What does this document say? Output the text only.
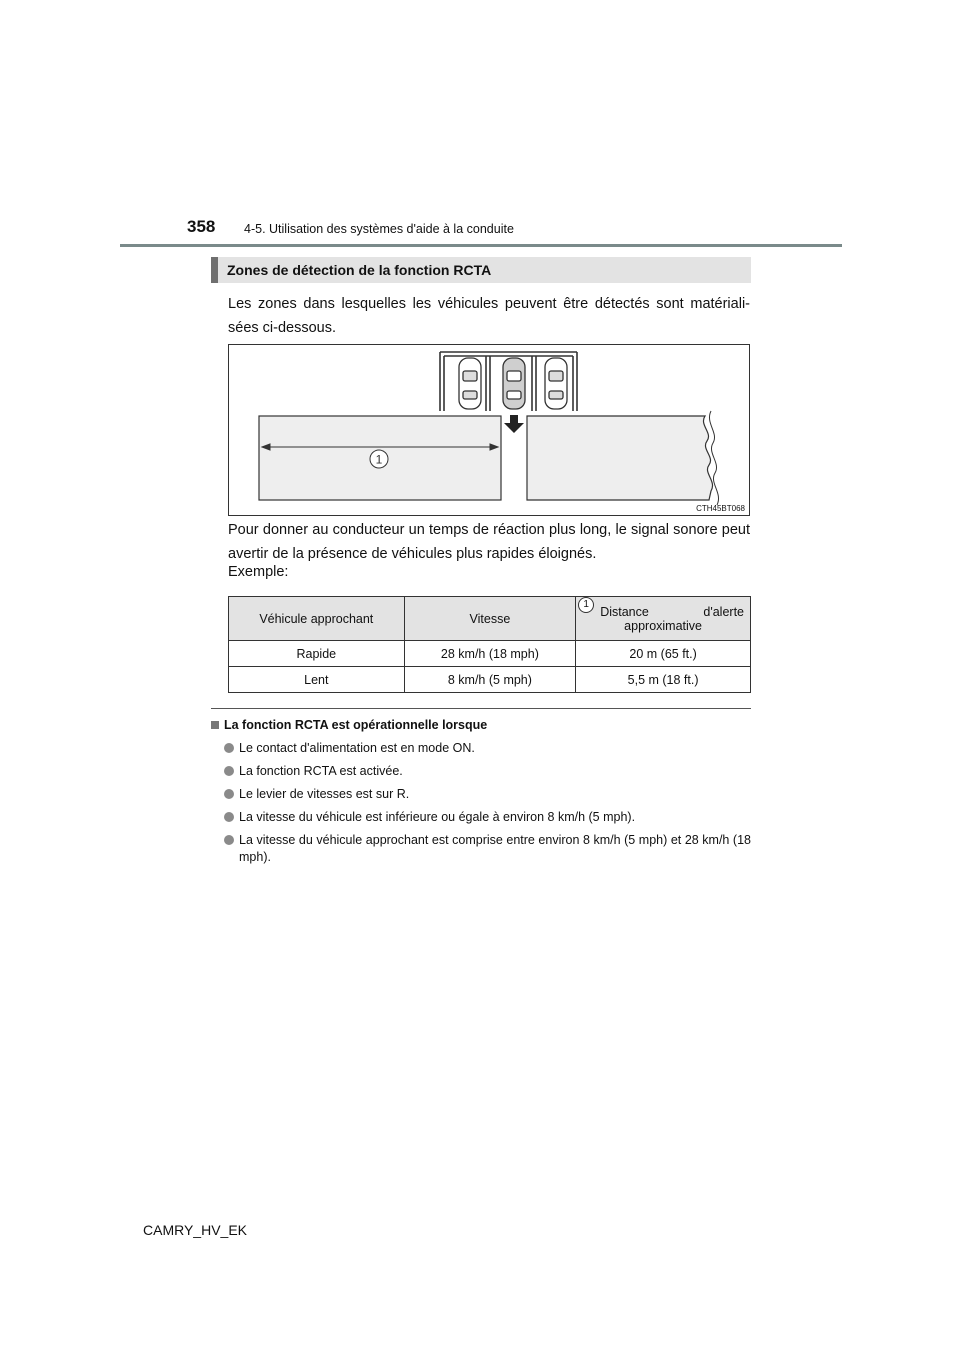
358 4-5. Utilisation des systèmes d'aide à la conduite
Zones de détection de la fonction RCTA
Les zones dans lesquelles les véhicules peuvent être détectés sont matériali-sées ci-dessous.
1
CTH45BT068
Pour donner au conducteur un temps de réaction plus long, le signal sonore peut avertir de la présence de véhicules plus rapides éloignés.
Exemple:
Véhicule approchant	Vitesse	1 Distance d'alerte
approximative

Rapide	28 km/h (18 mph)	20 m (65 ft.)
Lent	8 km/h (5 mph)	5,5 m (18 ft.)
La fonction RCTA est opérationnelle lorsque
Le contact d'alimentation est en mode ON.
La fonction RCTA est activée.
Le levier de vitesses est sur R.
La vitesse du véhicule est inférieure ou égale à environ 8 km/h (5 mph).
La vitesse du véhicule approchant est comprise entre environ 8 km/h (5 mph) et 28 km/h (18 mph).
CAMRY_HV_EK
